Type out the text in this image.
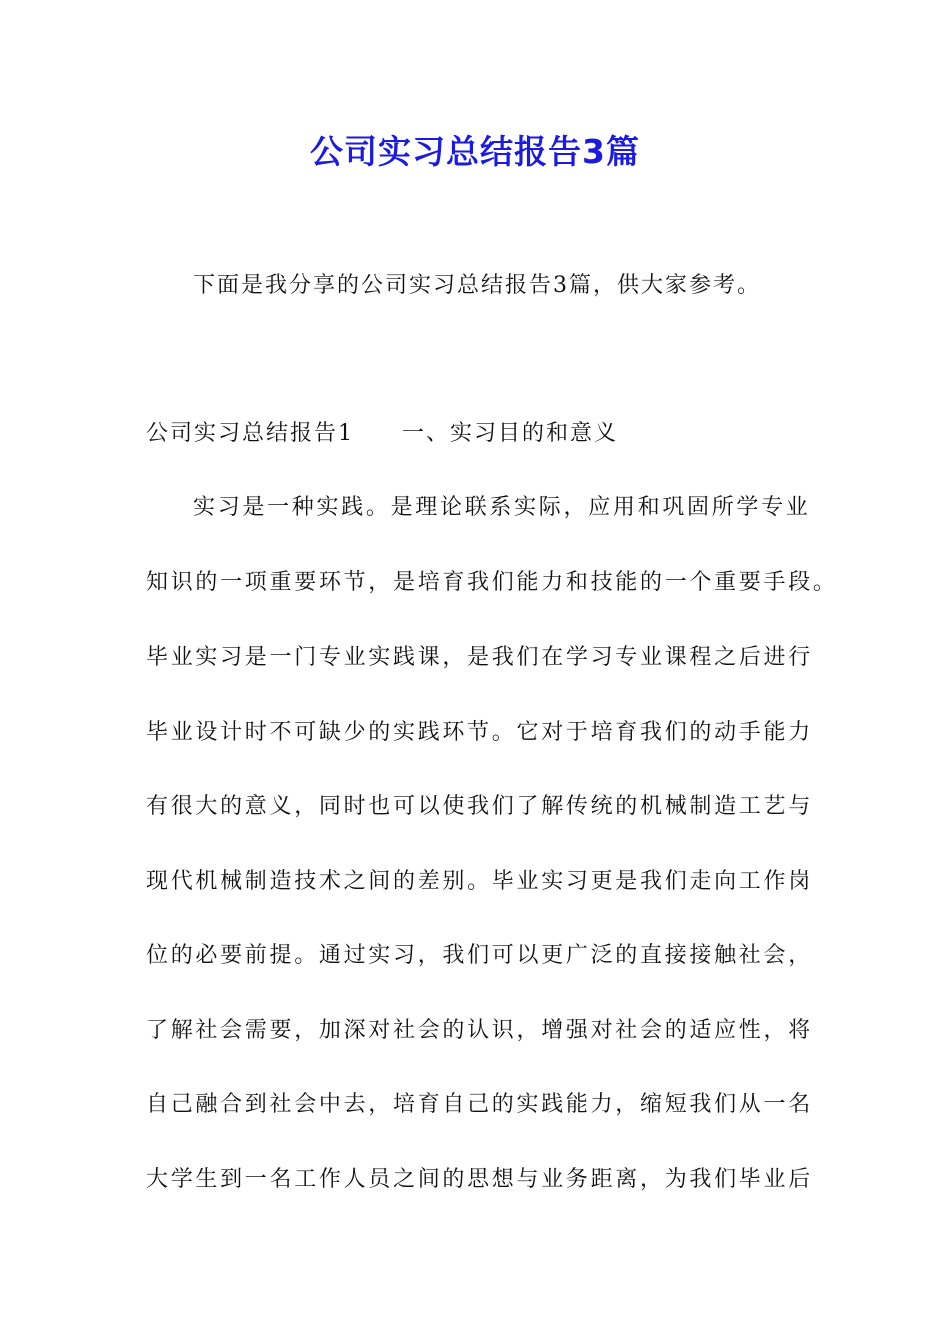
公司实习总结报告3篇

下面是我分享的公司实习总结报告3篇，供大家参考。

公司实习总结报告1 一、实习目的和意义

实习是一种实践。是理论联系实际，应用和巩固所学专业

知识的一项重要环节，是培育我们能力和技能的一个重要手段。

毕业实习是一门专业实践课，是我们在学习专业课程之后进行

毕业设计时不可缺少的实践环节。它对于培育我们的动手能力

有很大的意义，同时也可以使我们了解传统的机械制造工艺与

现代机械制造技术之间的差别。毕业实习更是我们走向工作岗

位的必要前提。通过实习，我们可以更广泛的直接接触社会，

了解社会需要，加深对社会的认识，增强对社会的适应性，将

自己融合到社会中去，培育自己的实践能力，缩短我们从一名

大学生到一名工作人员之间的思想与业务距离，为我们毕业后
